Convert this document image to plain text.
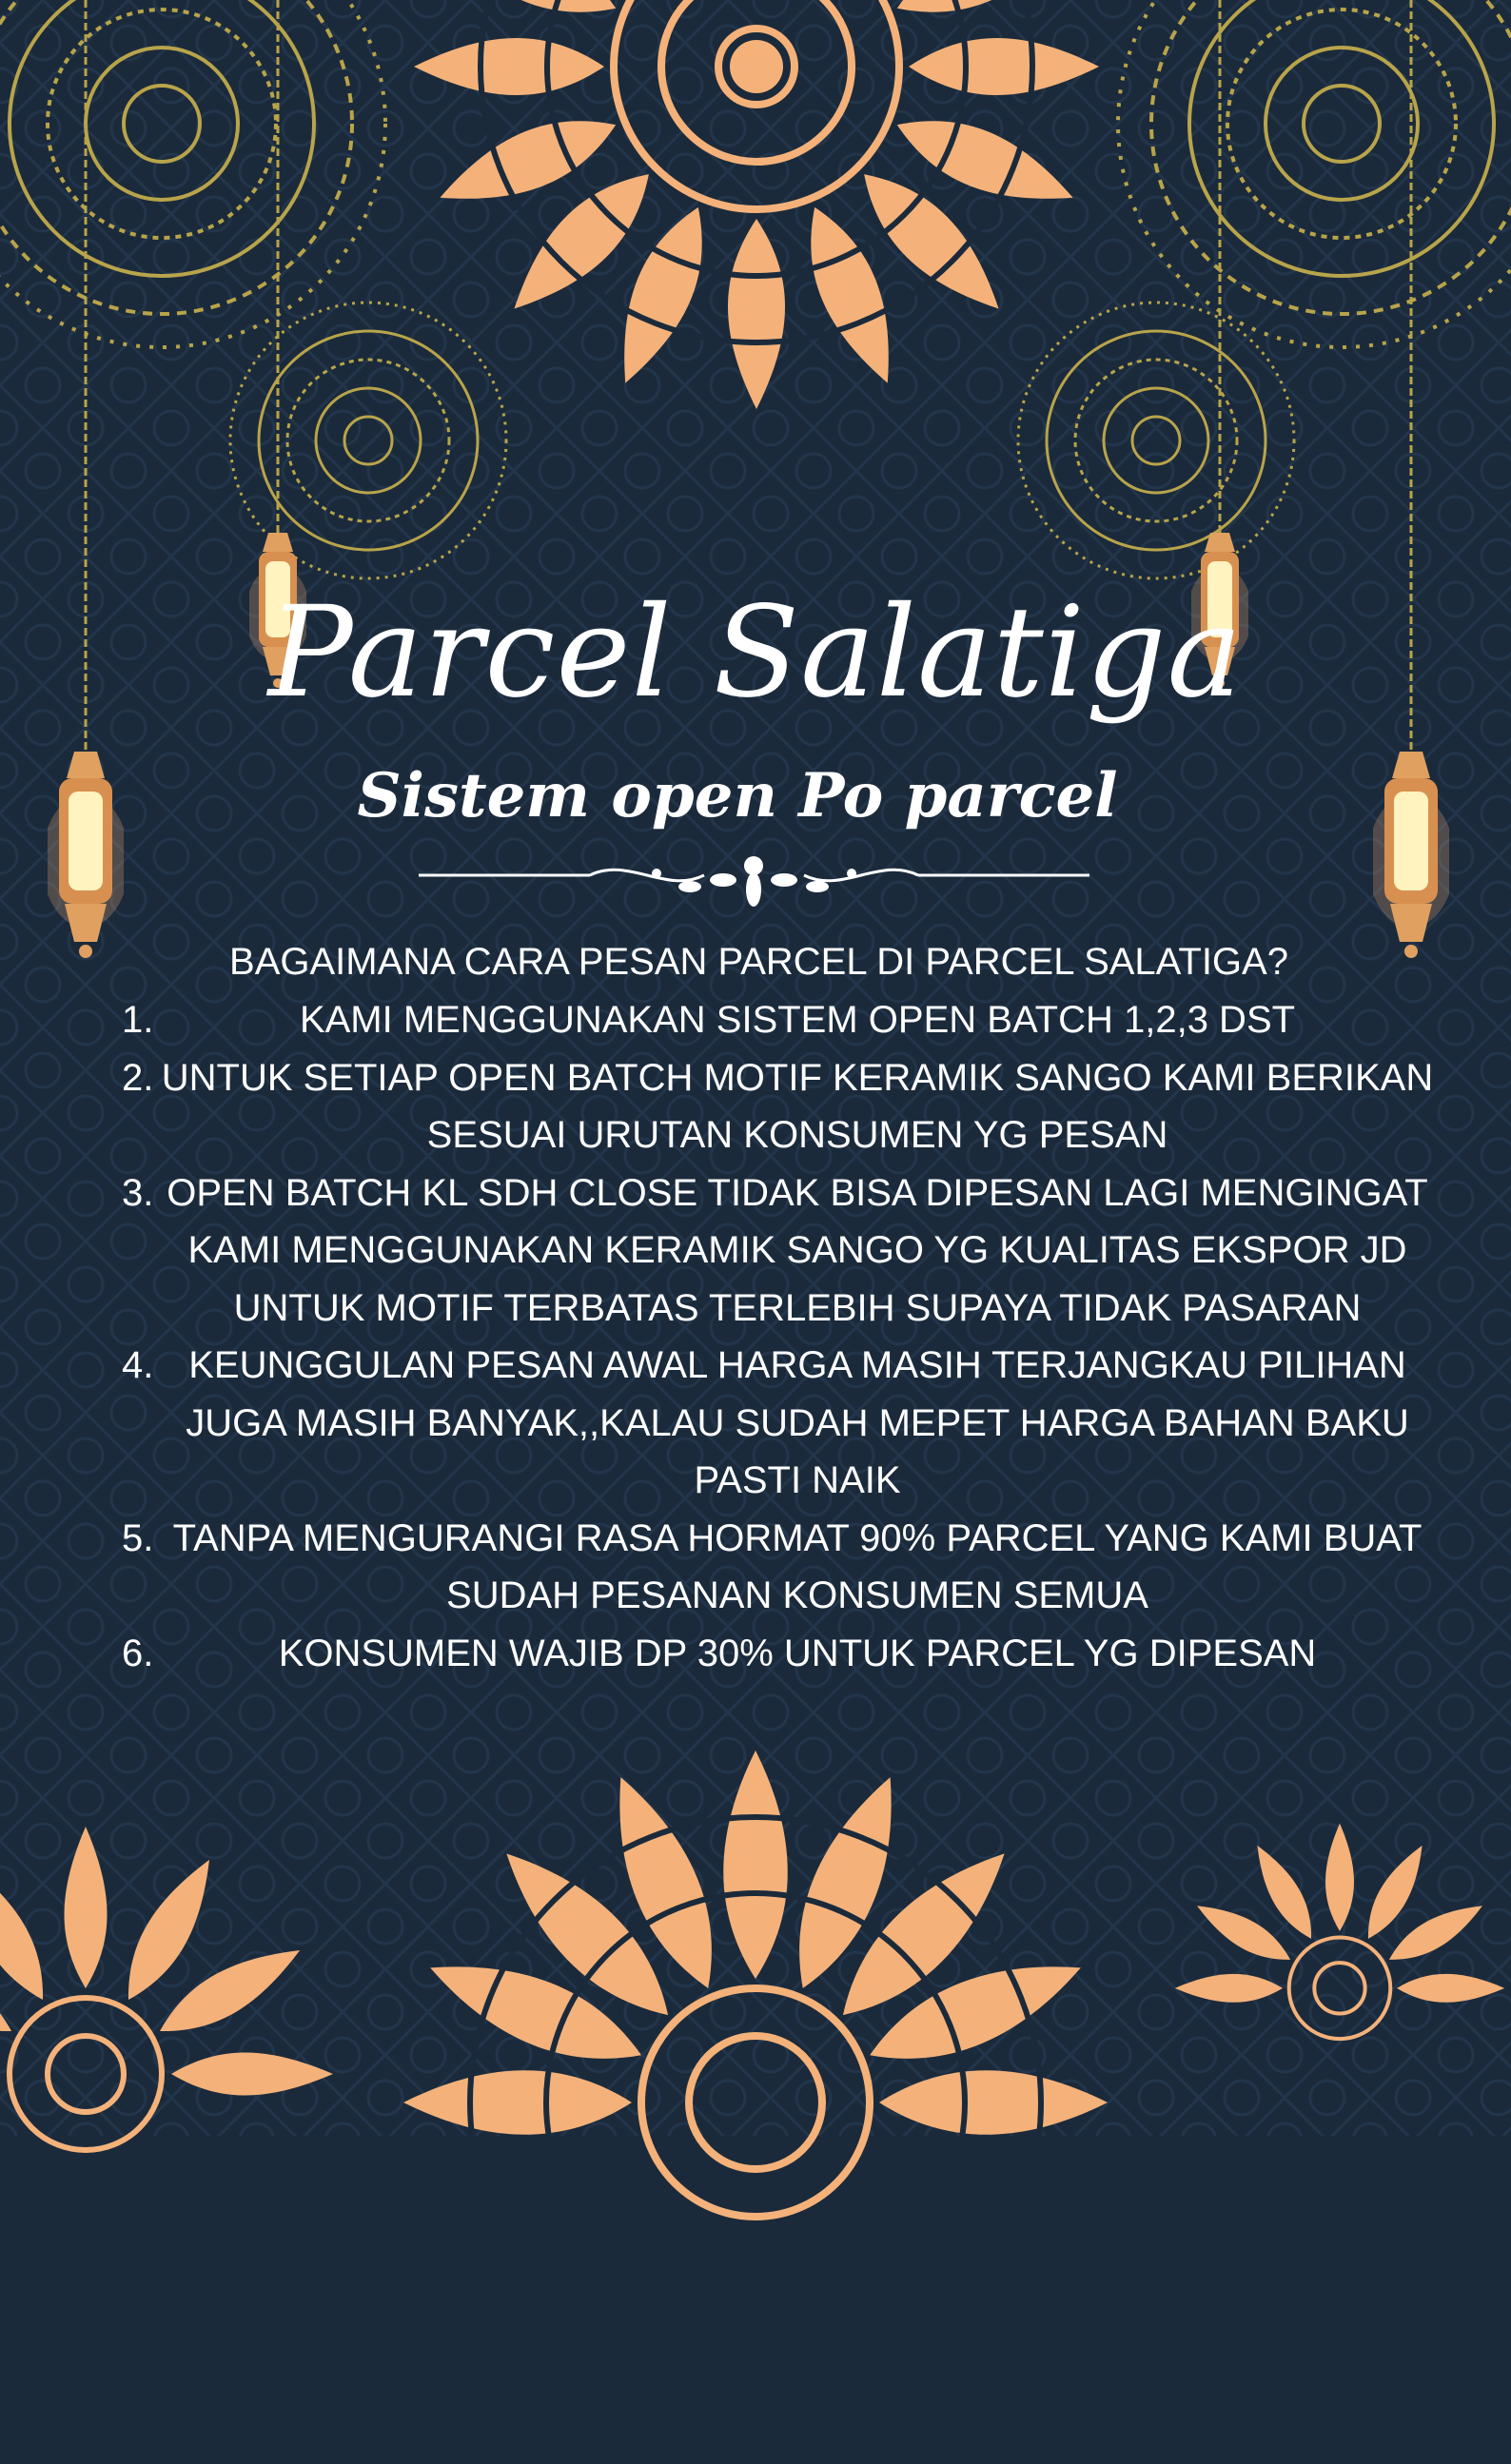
Parcel Salatiga
Sistem open Po parcel
BAGAIMANA CARA PESAN PARCEL DI PARCEL SALATIGA?
1.	KAMI MENGGUNAKAN SISTEM OPEN BATCH 1,2,3 DST
2. UNTUK SETIAP OPEN BATCH MOTIF KERAMIK SANGO KAMI BERIKAN SESUAI URUTAN KONSUMEN YG PESAN
3. OPEN BATCH KL SDH CLOSE TIDAK BISA DIPESAN LAGI MENGINGAT KAMI MENGGUNAKAN KERAMIK SANGO YG KUALITAS EKSPOR JD UNTUK MOTIF TERBATAS TERLEBIH SUPAYA TIDAK PASARAN
4. KEUNGGULAN PESAN AWAL HARGA MASIH TERJANGKAU PILIHAN JUGA MASIH BANYAK,,KALAU SUDAH MEPET HARGA BAHAN BAKU PASTI NAIK
5. TANPA MENGURANGI RASA HORMAT 90% PARCEL YANG KAMI BUAT SUDAH PESANAN KONSUMEN SEMUA
6.	KONSUMEN WAJIB DP 30% UNTUK PARCEL YG DIPESAN
